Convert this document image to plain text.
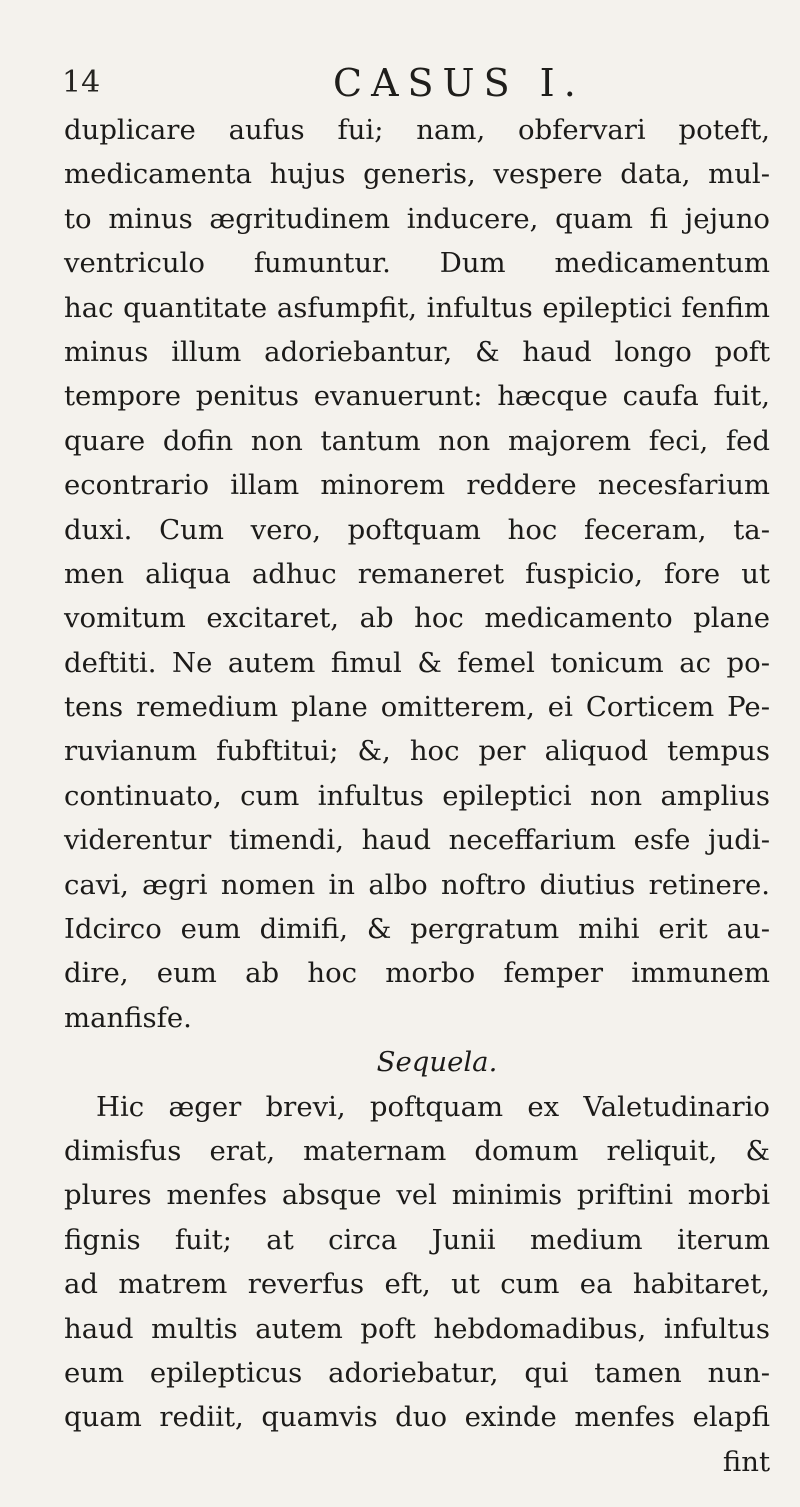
14	CASUS I.
duplicare aufus fui; nam, obfervari poteft,
medicamenta hujus generis, vespere data, mul-
to minus ægritudinem inducere, quam fi jejuno
ventriculo fumuntur. Dum medicamentum
hac quantitate asfumpfit, infultus epileptici fenfim
minus illum adoriebantur, & haud longo poft
tempore penitus evanuerunt: hæcque caufa fuit,
quare dofin non tantum non majorem feci, fed
econtrario illam minorem reddere necesfarium
duxi. Cum vero, poftquam hoc feceram, ta-
men aliqua adhuc remaneret fuspicio, fore ut
vomitum excitaret, ab hoc medicamento plane
deftiti. Ne autem fimul & femel tonicum ac po-
tens remedium plane omitterem, ei Corticem Pe-
ruvianum fubftitui; &, hoc per aliquod tempus
continuato, cum infultus epileptici non amplius
viderentur timendi, haud neceffarium esfe judi-
cavi, ægri nomen in albo noftro diutius retinere.
Idcirco eum dimifi, & pergratum mihi erit au-
dire, eum ab hoc morbo femper immunem
manfisfe.
Sequela.
Hic æger brevi, poftquam ex Valetudinario
dimisfus erat, maternam domum reliquit, &
plures menfes absque vel minimis priftini morbi
fignis fuit; at circa Junii medium iterum
ad matrem reverfus eft, ut cum ea habitaret,
haud multis autem poft hebdomadibus, infultus
eum epilepticus adoriebatur, qui tamen nun-
quam rediit, quamvis duo exinde menfes elapfi
fint
